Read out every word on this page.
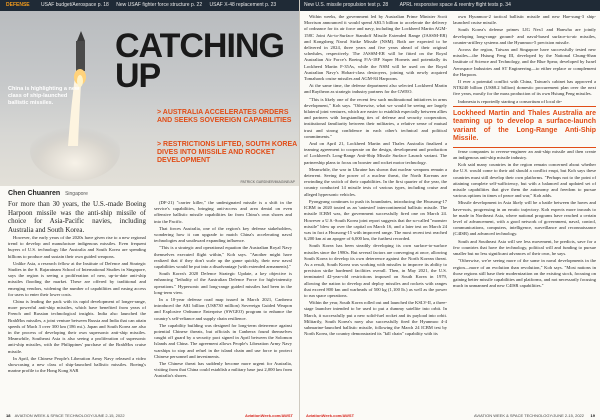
DEFENSE USAF budget/Aerospace p. 18 New USAF fighter force structure p. 22 USAF X-48 replacement p. 23
CATCHING UP
> AUSTRALIA ACCELERATES ORDERS AND SEEKS SOVEREIGN CAPABILITIES
> RESTRICTIONS LIFTED, SOUTH KOREA DIVES INTO MISSILE AND ROCKET DEVELOPMENT
China is highlighting a new class of ship-launched ballistic missiles.
PATRICK GARDNER/IMAGINE/AP
Chen Chuanren Singapore

For more than 30 years, the U.S.-made Boeing Harpoon missile was the anti-ship missile of choice for Asia-Pacific navies, including Australia and South Korea.

However, the early years of the 2020s have given rise to a new regional trend to develop and manufacture indigenous missiles. Even frequent buyers of U.S. technology like Australia and South Korea are spending billions to produce and sustain their own guided weapons.

Unlike Asia, a research fellow at the Institute of Defence and Strategic Studies in the S. Rajaratnam School of International Studies in Singapore, says the region is seeing a proliferation of new, up-to-date anti-ship missiles flooding the market. These are offered by traditional and emerging vendors, widening the number of capabilities and easing access for users to enter their lower costs.

China is leading the pack with its rapid development of longer-range, more powerful anti-ship missiles, which have benefited from years of French and Russian technological insights. India also launched the BrahMos missiles, a joint venture between Russia and India that can attain speeds of Mach 3 over 300 km (186 mi.). Japan and South Korea are also in the process of developing their own supersonic anti-ship missiles. Meanwhile, Southeast Asia is also seeing a proliferation of supersonic anti-ship missiles, with the Philippines' purchase of the BrahMos cruise missile.

In April, the Chinese People's Liberation Army Navy released a video showcasing a new class of ship-launched ballistic missiles. Boeing's marine profile to the Hong Kong SAR

(DF-21) "carrier killer," the undesignated missile is a shift in the service's capabilities, bringing anti-access and area denial on even offensive ballistic missile capabilities far from China's own shores and into the Pacific.

That forces Australia, one of the region's key defense stakeholders, wondering how it can upgrade to match China's accelerating naval technologies and southward expanding influence.

"This is a strategic and operational equation the Australian Royal Navy themselves executed flight within," Koh says. "Another might have realized that if they don't scale up the game quickly, their new naval capabilities would be put into a disadvantage [with extended armaments]."

South Korea's 2020 Defence Strategic Update, a key objective is enhancing "lethality of the Australian Defence Force for high-intensity operations." Hypersonic and long-range guided missiles had been in the long-term view.

In a 10-year defense road map issued in March 2021, Canberra introduced the A$1 billion (US$730 million) Sovereign Guided Weapon and Explosive Ordnance Enterprise (SWGEO) program to enhance the country's self-reliance and supply chain resilience.

The capability building was designed for long-term deterrence against potential Chinese threats, but officials in Canberra found themselves caught off guard by a security pact signed in April between the Solomon Islands and China. The agreement allows People's Liberation Army Navy warships to stop and refuel in the island chain and use force to protect Chinese personnel and investments.

The Chinese threat has suddenly become more urgent for Australia, visiting from that China could establish a military base just 2,000 km from Australia's shores.

18 AVIATION WEEK & SPACE TECHNOLOGY/JUNE 2-15, 2022	AviationWeek.com/AWST
New U.S. missile propulsion test p. 28 APRL responsive space & reentry flight tests p. 34

Within weeks, the government led by Australian Prime Minister Scott Morrison announced it would spend A$3.5 billion to accelerate the delivery of ordnance for its air force and navy, including the Lockheed Martin AGM-158C Joint Air-to-Surface Standoff Missile Extended Range (JASSM-ER) and Kongsberg Naval Strike Missile (NSM). Both are expected to be delivered in 2024, three years and five years ahead of their original schedules, respectively. The JASSM-ER will be fitted on the Royal Australian Air Force's Boeing F/A-18F Super Hornets and potentially its Lockheed Martin F-35As, while the NSM will be used on the Royal Australian Navy's Hobart-class destroyers, joining with newly acquired Tomahawk cruise missiles and AGM-84 Harpoons.

At the same time, the defense department also selected Lockheed Martin and Raytheon as strategic industry partners for the GWEO.

"This is likely one of the recent few such multinational initiatives in arms development," Koh says. "Otherwise, what we would be seeing are largely bilateral joint ventures, which are easier to establish especially between allies and partners with longstanding ties of defense and security cooperation, institutional familiarity between their militaries, a relative sense of mutual trust and strong confidence in each other's technical and political commitments."

And on April 21, Lockheed Martin and Thales Australia finalized a teaming agreement to cooperate on the design, development and production of Lockheed's Long-Range Anti-Ship Missile Surface Launch variant. The partnership plans to focus on booster and rocket motor technology.

Meanwhile, the war in Ukraine has shown that nuclear weapons remain a deterrent. Seeing the power of a nuclear threat, the North Koreans are rewinding the switch of their capabilities. In the first quarter of the year, the country conducted 14 missile tests of various types, including cruise and alleged hypersonic vehicles.

Pyongyang continues to push its boundaries, introducing the Hwasong-17 ICBM in 2020 touted as an 'untested' intercontinental ballistic missile. The missile ICBM was, the government successfully fired one on March 24. However a U.S.-South Korea joint report suggests that the so-called "monster missile" blew up over the capital on March 16, and a later test on March 24 was in fact a Hwasong-15 with improved range. The most recent test reached 6,200 km at an apogee of 6,000 km, the furthest recorded.

South Korea has been steadily developing its own surface-to-surface missiles since the 1980s. But several factors are converging at once, allowing South Korea to develop its own deterrence against the North Korean threat. As a result, South Korea was working with missiles to improve its ability to precision strike hardened facilities overall. Then, in May 2021, the U.S. terminated 42-year-old restrictions imposed on South Korea in 1979, allowing the nation to develop and deploy missiles and rockets with ranges that exceed 800 km and warheads of 500 kg (1,100 lb.) as well as the power to run space operations.

Within the year, South Korea rolled out and launched the KSLV-II, a three-stage launcher intended to be used to put a dummy satellite into orbit. In March, it successfully put a new solid-fuel rocket and its payload into orbit. Militarily, South Korea's navy also successfully fired the Hyunmoo 4-4 submarine-launched ballistic missile, following the March 24 ICBM test by North Korea, the country demonstrated its "kill chain" capability with its

own Hyunmoo-2 tactical ballistic missile and new Hae-sung-3 ship-launched cruise missile.

South Korea's defense primes LIG Nex1 and Hanwha are jointly developing long-range ground- and naval-based surface-to-air missiles, counter-artillery systems and the Hyunmoo-5 precision missile.

Across the region, Taiwan and Singapore have successfully tested new missiles—the Hsiung Feng III, developed by the National Chung-Shan Institute of Science and Technology, and the Blue Spear, developed by Israel Aerospace Industries and ST Engineering—to either replace or complement the Harpoon.

If ever a potential conflict with China, Taiwan's cabinet has approved a NT$240 billion (US$8.2 billion) domestic procurement plan over the next five years, mostly for the mass production of its own Hsiung Feng missiles.

Indonesia is reportedly starting a consortium of local de-

Lockheed Martin and Thales Australia are teaming up to develop a surface-launch variant of the Long-Range Anti-Ship Missile.

fense companies to reverse-engineer an anti-ship missile and then create an indigenous anti-ship missile industry.

Koh said many countries in the region remain concerned about whether the U.S. would come to their aid should a conflict erupt, but Koh says these countries must still develop their own platforms. "Perhaps not to the point of attaining complete self-sufficiency, but with a balanced and updated set of missile capabilities that give them the autonomy and freedom to pursue various options in times of peace and war," Koh adds.

Missile development in Asia likely will be a battle between the haves and have-nots, progressing in an erratic trajectory. Koh expects more inroads to be made in Northeast Asia, where national programs have reached a certain level of advancement, with a good network of government, naval, control, communications, computers, intelligence, surveillance and reconnaissance (C4ISR) and advanced technology.

South and Southeast Asia will see less movement, he predicts, save for a few countries that have the technology, political will and funding to pursue smaller but no less significant advances of their own, he says.

"Otherwise, we're seeing more of the same in naval developments in the region—more of an evolution than revolution," Koh says. "Most nations in those regions still base their modernization on the existing stock, focusing on gaining better missile capabilities and platforms, and not necessarily focusing much in unmanned and new C4ISR capabilities."

AviationWeek.com/AWST	AVIATION WEEK & SPACE TECHNOLOGY/JUNE 2-15, 2022 19
